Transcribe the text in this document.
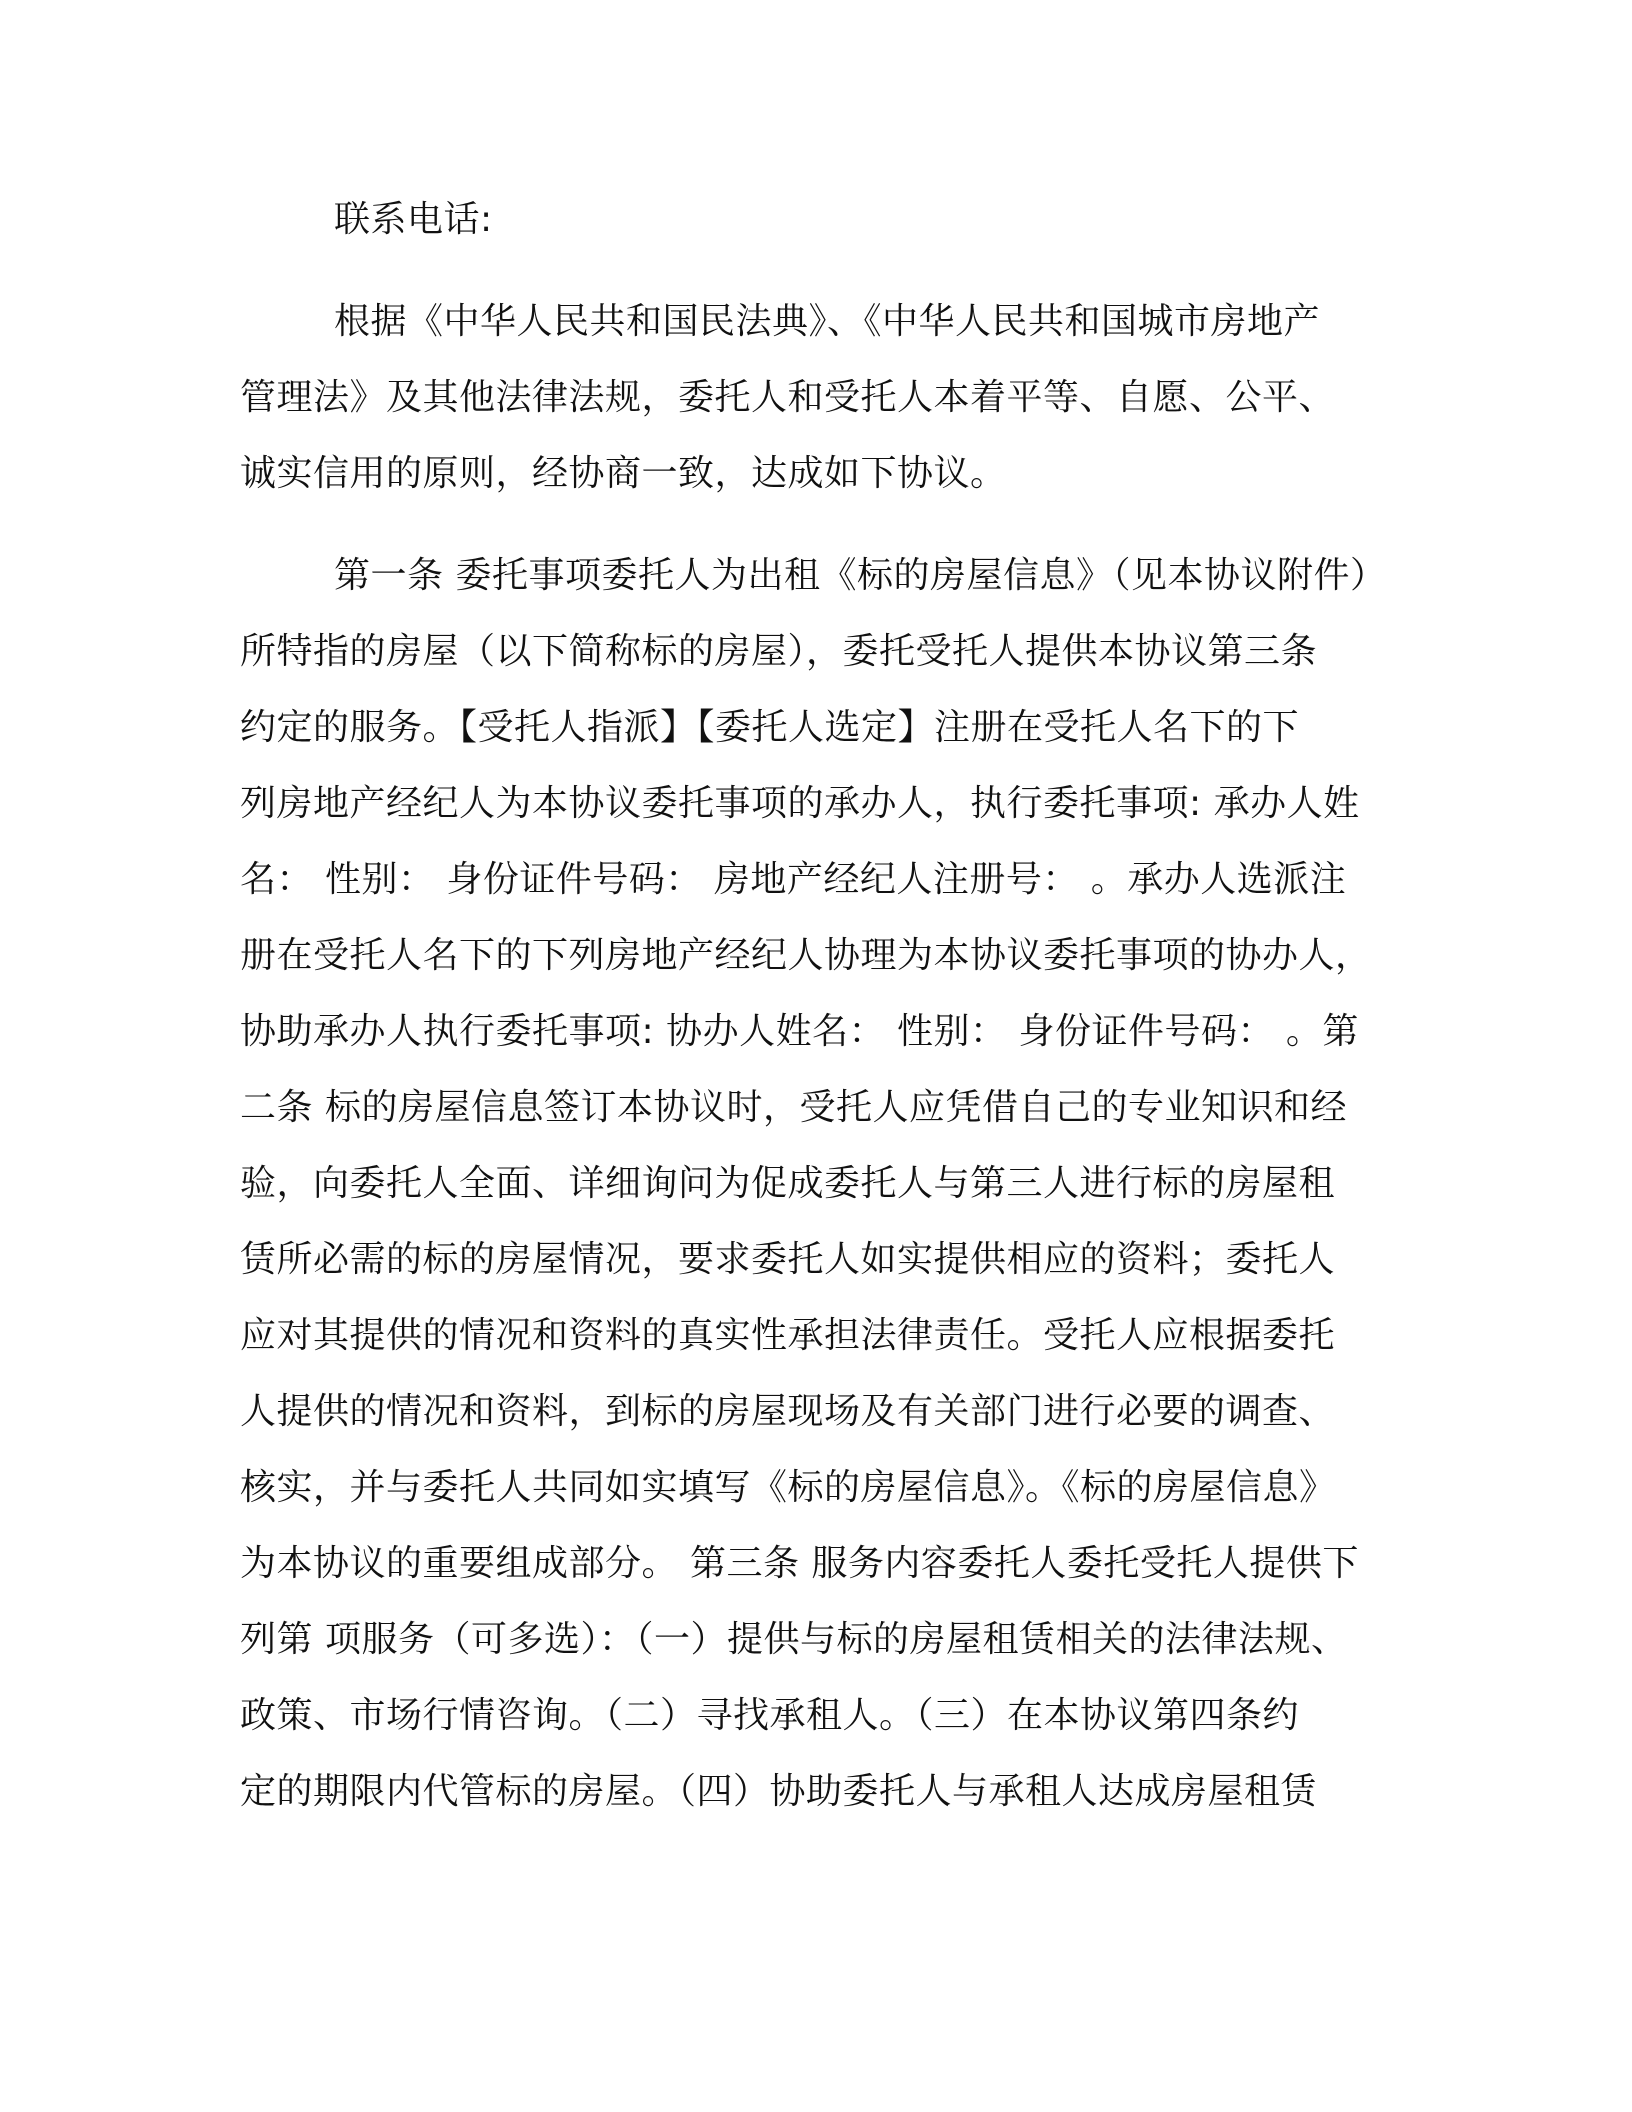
联系电话:
根据《中华人民共和国民法典》、《中华人民共和国城市房地产
管理法》及其他法律法规，委托人和受托人本着平等、自愿、公平、
诚实信用的原则，经协商一致，达成如下协议。
第一条 委托事项委托人为出租《标的房屋信息》（见本协议附件）
所特指的房屋（以下简称标的房屋），委托受托人提供本协议第三条
约定的服务。【受托人指派】【委托人选定】注册在受托人名下的下
列房地产经纪人为本协议委托事项的承办人，执行委托事项: 承办人姓
名： 性别： 身份证件号码： 房地产经纪人注册号： 。承办人选派注
册在受托人名下的下列房地产经纪人协理为本协议委托事项的协办人，
协助承办人执行委托事项: 协办人姓名： 性别： 身份证件号码： 。第
二条 标的房屋信息签订本协议时，受托人应凭借自己的专业知识和经
验，向委托人全面、详细询问为促成委托人与第三人进行标的房屋租
赁所必需的标的房屋情况，要求委托人如实提供相应的资料；委托人
应对其提供的情况和资料的真实性承担法律责任。受托人应根据委托
人提供的情况和资料，到标的房屋现场及有关部门进行必要的调查、
核实，并与委托人共同如实填写《标的房屋信息》。《标的房屋信息》
为本协议的重要组成部分。 第三条 服务内容委托人委托受托人提供下
列第 项服务（可多选）：（一）提供与标的房屋租赁相关的法律法规、
政策、市场行情咨询。（二）寻找承租人。（三）在本协议第四条约
定的期限内代管标的房屋。（四）协助委托人与承租人达成房屋租赁
